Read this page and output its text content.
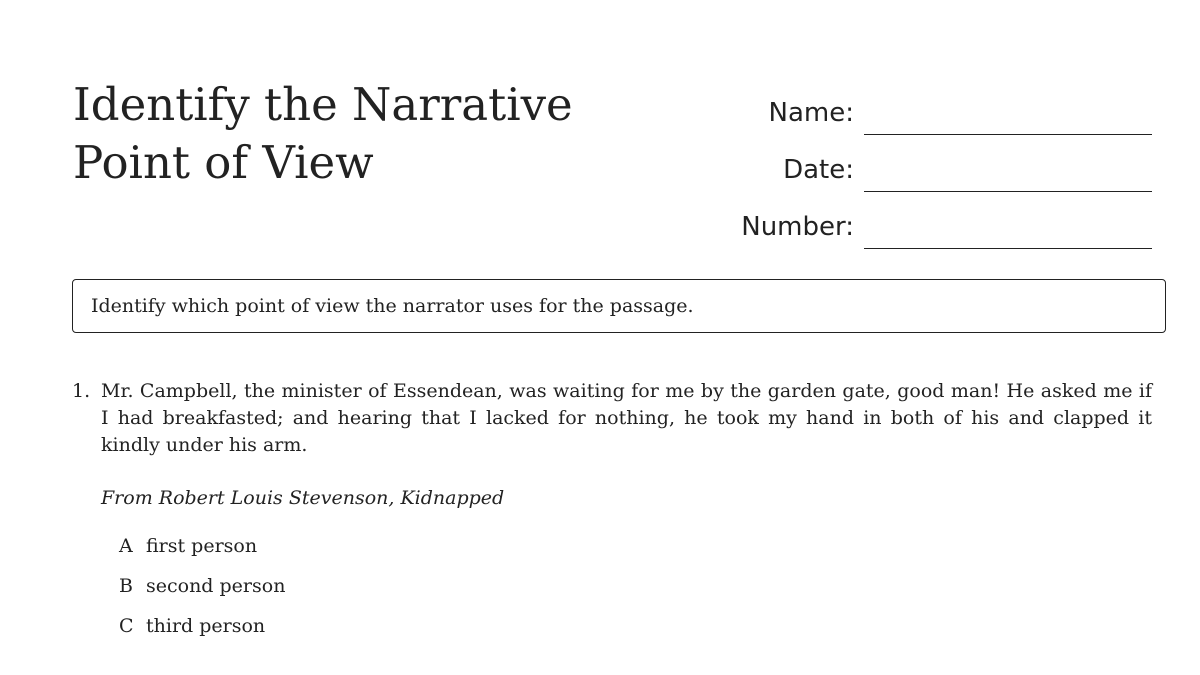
Identify the Narrative
Point of View
Name:
Date:
Number:
Identify which point of view the narrator uses for the passage.
1. Mr. Campbell, the minister of Essendean, was waiting for me by the garden gate, good man! He asked me if I had breakfasted; and hearing that I lacked for nothing, he took my hand in both of his and clapped it kindly under his arm.
From Robert Louis Stevenson, Kidnapped
A first person
B second person
C third person
